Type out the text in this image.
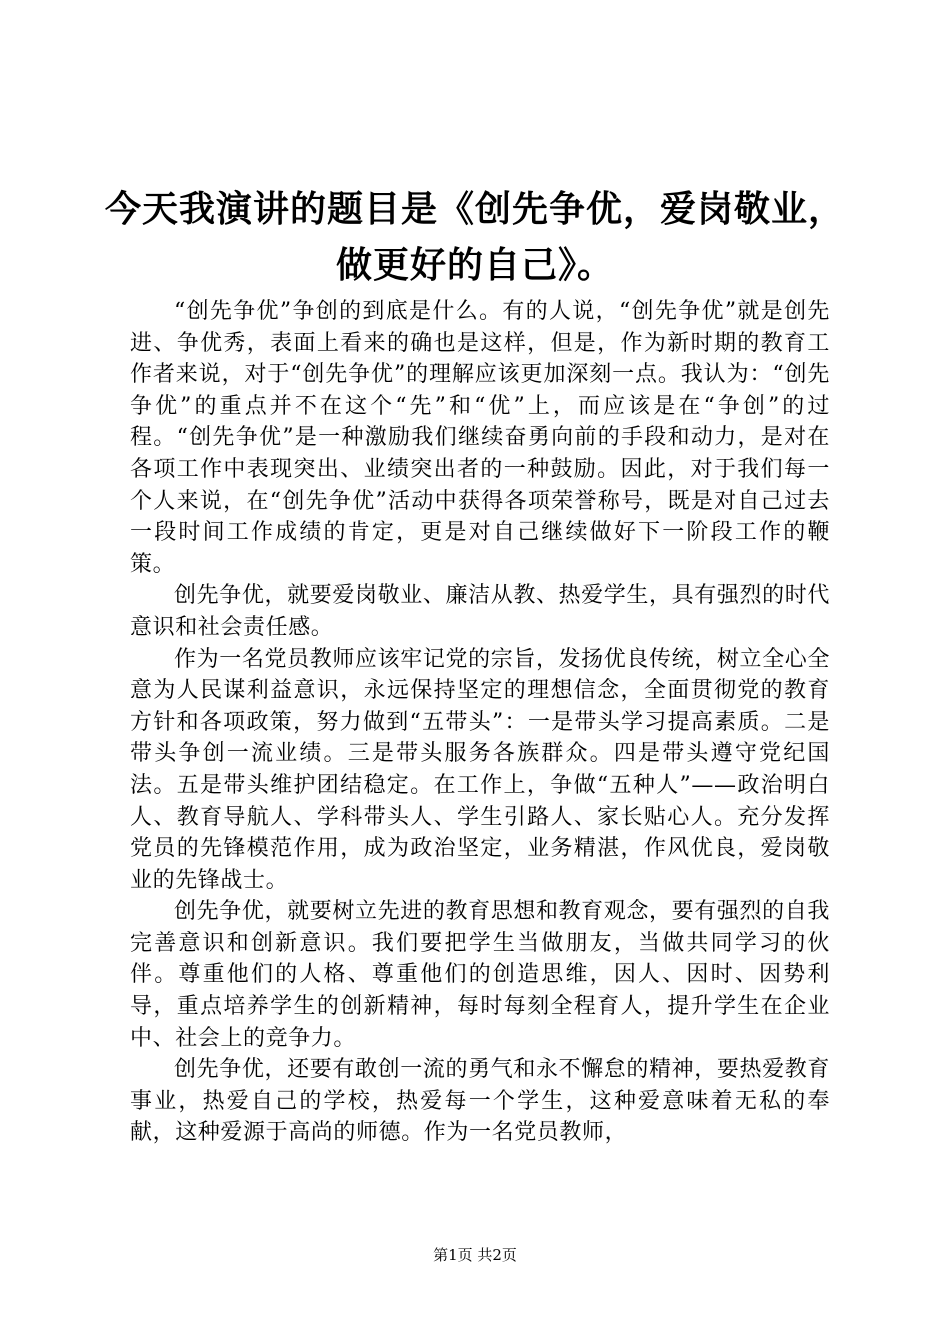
今天我演讲的题目是《创先争优，爱岗敬业，
做更好的自己》。

“创先争优”争创的到底是什么。有的人说，“创先争优”就是创先进、争优秀，表面上看来的确也是这样，但是，作为新时期的教育工作者来说，对于“创先争优”的理解应该更加深刻一点。我认为：“创先争优”的重点并不在这个“先”和“优”上，而应该是在“争创”的过程。“创先争优”是一种激励我们继续奋勇向前的手段和动力，是对在各项工作中表现突出、业绩突出者的一种鼓励。因此，对于我们每一个人来说，在“创先争优”活动中获得各项荣誉称号，既是对自己过去一段时间工作成绩的肯定，更是对自己继续做好下一阶段工作的鞭策。

创先争优，就要爱岗敬业、廉洁从教、热爱学生，具有强烈的时代意识和社会责任感。

作为一名党员教师应该牢记党的宗旨，发扬优良传统，树立全心全意为人民谋利益意识，永远保持坚定的理想信念，全面贯彻党的教育方针和各项政策，努力做到“五带头”：一是带头学习提高素质。二是带头争创一流业绩。三是带头服务各族群众。四是带头遵守党纪国法。五是带头维护团结稳定。在工作上，争做“五种人”——政治明白人、教育导航人、学科带头人、学生引路人、家长贴心人。充分发挥党员的先锋模范作用，成为政治坚定，业务精湛，作风优良，爱岗敬业的先锋战士。

创先争优，就要树立先进的教育思想和教育观念，要有强烈的自我完善意识和创新意识。我们要把学生当做朋友，当做共同学习的伙伴。尊重他们的人格、尊重他们的创造思维，因人、因时、因势利导，重点培养学生的创新精神，每时每刻全程育人，提升学生在企业中、社会上的竞争力。

创先争优，还要有敢创一流的勇气和永不懈怠的精神，要热爱教育事业，热爱自己的学校，热爱每一个学生，这种爱意味着无私的奉献，这种爱源于高尚的师德。作为一名党员教师，

第1页 共2页
